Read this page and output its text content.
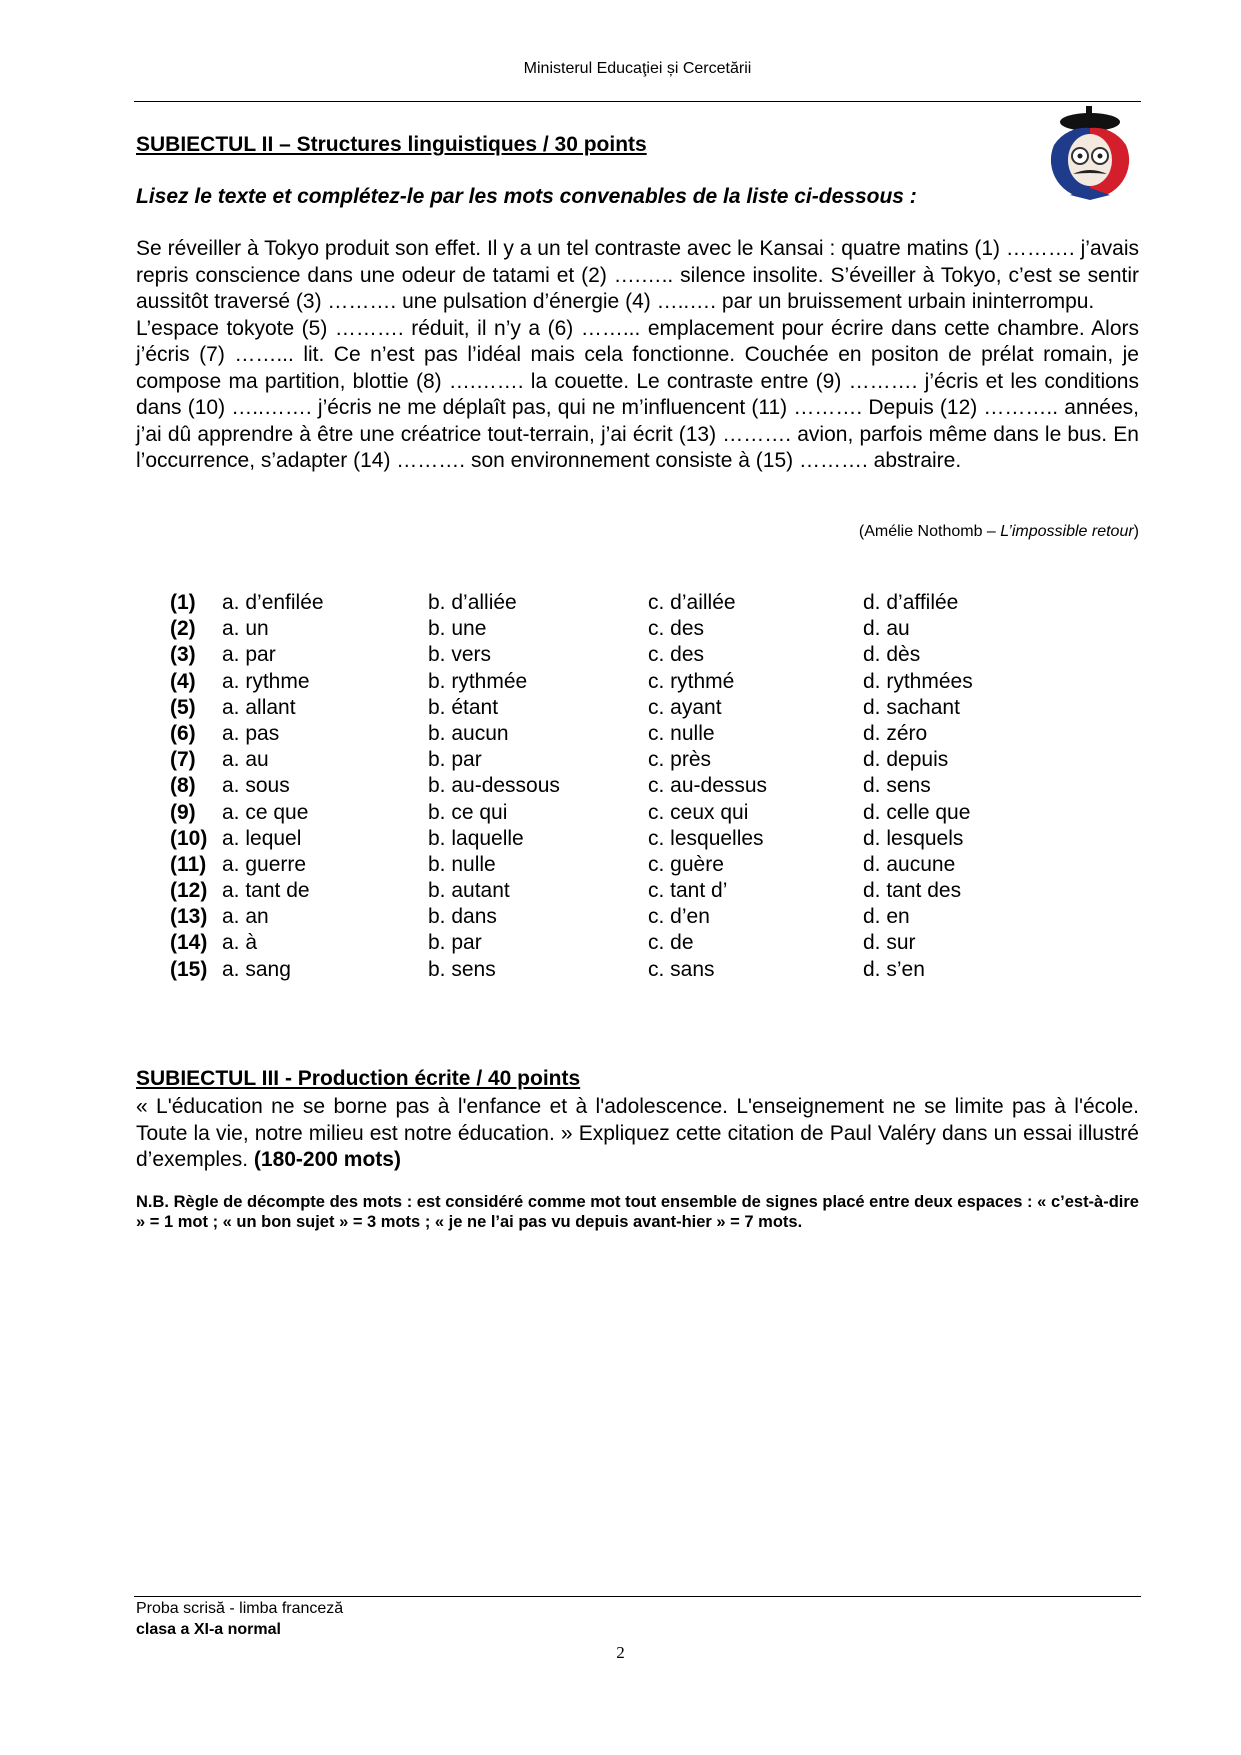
Ministerul Educaţiei și Cercetării
SUBIECTUL II – Structures linguistiques / 30 points
Lisez le texte et complétez-le par les mots convenables de la liste ci-dessous :

Se réveiller à Tokyo produit son effet. Il y a un tel contraste avec le Kansai : quatre matins (1) ………. j’avais repris conscience dans une odeur de tatami et (2) ….….. silence insolite. S’éveiller à Tokyo, c’est se sentir aussitôt traversé (3) ………. une pulsation d’énergie (4) …..…. par un bruissement urbain ininterrompu.

L’espace tokyote (5) ………. réduit, il n’y a (6) ……... emplacement pour écrire dans cette chambre. Alors j’écris (7) ……... lit. Ce n’est pas l’idéal mais cela fonctionne. Couchée en positon de prélat romain, je compose ma partition, blottie (8) ….……. la couette. Le contraste entre (9) ………. j’écris et les conditions dans (10) …..……. j’écris ne me déplaît pas, qui ne m’influencent (11) ………. Depuis (12) ……….. années, j’ai dû apprendre à être une créatrice tout-terrain, j’ai écrit (13) ………. avion, parfois même dans le bus. En l’occurrence, s’adapter (14) ………. son environnement consiste à (15) ………. abstraire.

(Amélie Nothomb – L’impossible retour)
(1) a. d’enfilée	b. d’alliée	c. d’aillée	d. d’affilée
(2) a. un	b. une	c. des	d. au
(3) a. par	b. vers	c. des	d. dès
(4) a. rythme	b. rythmée	c. rythmé	d. rythmées
(5) a. allant	b. étant	c. ayant	d. sachant
(6) a. pas	b. aucun	c. nulle	d. zéro
(7) a. au	b. par	c. près	d. depuis
(8) a. sous	b. au-dessous	c. au-dessus	d. sens
(9) a. ce que	b. ce qui	c. ceux qui	d. celle que
(10) a. lequel	b. laquelle	c. lesquelles	d. lesquels
(11) a. guerre	b. nulle	c. guère	d. aucune
(12) a. tant de	b. autant	c. tant d’	d. tant des
(13) a. an	b. dans	c. d’en	d. en
(14) a. à	b. par	c. de	d. sur
(15) a. sang	b. sens	c. sans	d. s’en
SUBIECTUL III - Production écrite / 40 points
« L'éducation ne se borne pas à l'enfance et à l'adolescence. L'enseignement ne se limite pas à l'école. Toute la vie, notre milieu est notre éducation. » Expliquez cette citation de Paul Valéry dans un essai illustré d’exemples. (180-200 mots)
N.B. Règle de décompte des mots : est considéré comme mot tout ensemble de signes placé entre deux espaces : « c’est-à-dire » = 1 mot ; « un bon sujet » = 3 mots ; « je ne l’ai pas vu depuis avant-hier » = 7 mots.
Proba scrisă - limba franceză
clasa a XI-a normal
2
